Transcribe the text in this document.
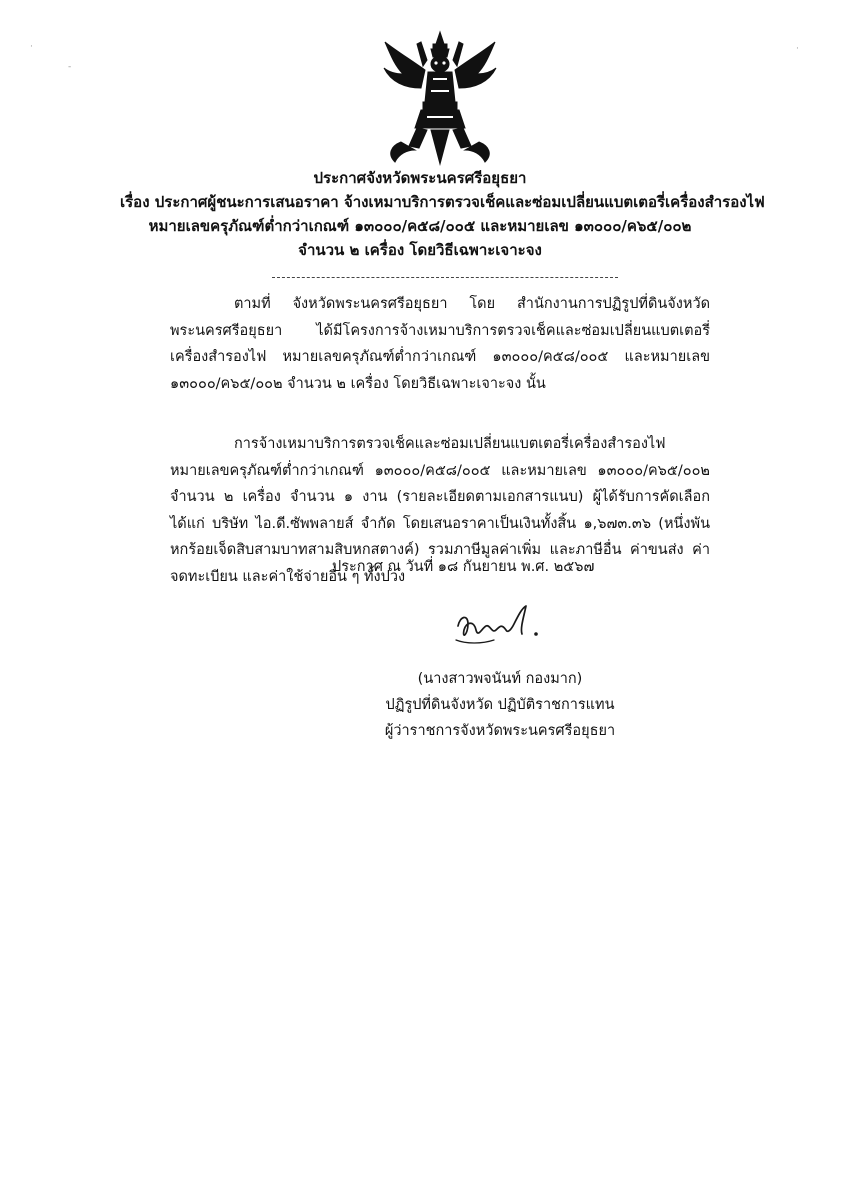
·
-
·
ประกาศจังหวัดพระนครศรีอยุธยา
เรื่อง ประกาศผู้ชนะการเสนอราคา จ้างเหมาบริการตรวจเช็คและซ่อมเปลี่ยนแบตเตอรี่เครื่องสำรองไฟ
หมายเลขครุภัณฑ์ต่ำกว่าเกณฑ์ ๑๓๐๐๐/ค๕๘/๐๐๕ และหมายเลข ๑๓๐๐๐/ค๖๕/๐๐๒
จำนวน ๒ เครื่อง โดยวิธีเฉพาะเจาะจง
ตามที่ จังหวัดพระนครศรีอยุธยา โดย สำนักงานการปฏิรูปที่ดินจังหวัดพระนครศรีอยุธยา ได้มีโครงการจ้างเหมาบริการตรวจเช็คและซ่อมเปลี่ยนแบตเตอรี่เครื่องสำรองไฟ หมายเลขครุภัณฑ์ต่ำกว่าเกณฑ์ ๑๓๐๐๐/ค๕๘/๐๐๕ และหมายเลข ๑๓๐๐๐/ค๖๕/๐๐๒ จำนวน ๒ เครื่อง โดยวิธีเฉพาะเจาะจง นั้น
การจ้างเหมาบริการตรวจเช็คและซ่อมเปลี่ยนแบตเตอรี่เครื่องสำรองไฟ หมายเลขครุภัณฑ์ต่ำกว่าเกณฑ์ ๑๓๐๐๐/ค๕๘/๐๐๕ และหมายเลข ๑๓๐๐๐/ค๖๕/๐๐๒ จำนวน ๒ เครื่อง จำนวน ๑ งาน (รายละเอียดตามเอกสารแนบ) ผู้ได้รับการคัดเลือก ได้แก่ บริษัท ไอ.ดี.ซัพพลายส์ จำกัด โดยเสนอราคาเป็นเงินทั้งสิ้น ๑,๖๗๓.๓๖ (หนึ่งพันหกร้อยเจ็ดสิบสามบาทสามสิบหกสตางค์) รวมภาษีมูลค่าเพิ่ม และภาษีอื่น ค่าขนส่ง ค่าจดทะเบียน และค่าใช้จ่ายอื่น ๆ ทั้งปวง
ประกาศ ณ วันที่ ๑๘ กันยายน พ.ศ. ๒๕๖๗
(นางสาวพจนันท์ กองมาก)
ปฏิรูปที่ดินจังหวัด ปฏิบัติราชการแทน
ผู้ว่าราชการจังหวัดพระนครศรีอยุธยา
